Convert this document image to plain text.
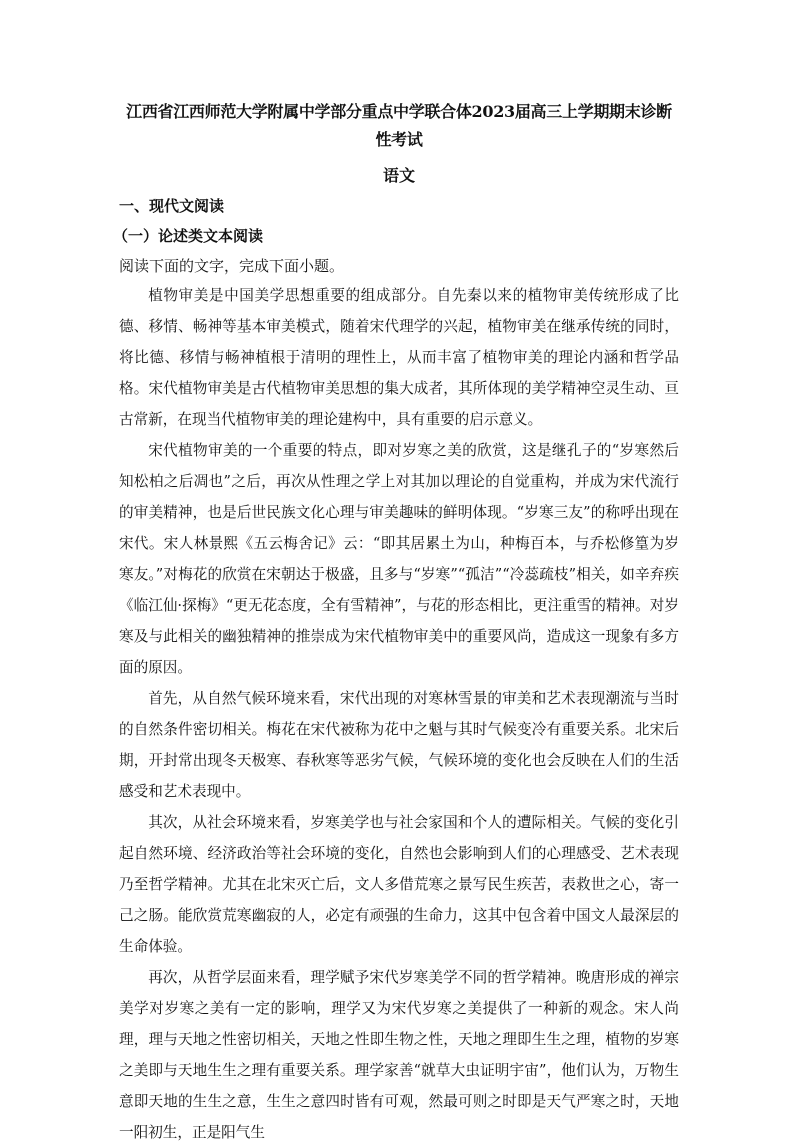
江西省江西师范大学附属中学部分重点中学联合体2023届高三上学期期末诊断性考试

语文

一、现代文阅读

（一）论述类文本阅读

阅读下面的文字，完成下面小题。

植物审美是中国美学思想重要的组成部分。自先秦以来的植物审美传统形成了比德、移情、畅神等基本审美模式，随着宋代理学的兴起，植物审美在继承传统的同时，将比德、移情与畅神植根于清明的理性上，从而丰富了植物审美的理论内涵和哲学品格。宋代植物审美是古代植物审美思想的集大成者，其所体现的美学精神空灵生动、亘古常新，在现当代植物审美的理论建构中，具有重要的启示意义。

宋代植物审美的一个重要的特点，即对岁寒之美的欣赏，这是继孔子的“岁寒然后知松柏之后凋也”之后，再次从性理之学上对其加以理论的自觉重构，并成为宋代流行的审美精神，也是后世民族文化心理与审美趣味的鲜明体现。“岁寒三友”的称呼出现在宋代。宋人林景熙《五云梅舍记》云：“即其居累土为山，种梅百本，与乔松修篁为岁寒友。”对梅花的欣赏在宋朝达于极盛，且多与“岁寒”“孤洁”“冷蕊疏枝”相关，如辛弃疾《临江仙·探梅》“更无花态度，全有雪精神”，与花的形态相比，更注重雪的精神。对岁寒及与此相关的幽独精神的推崇成为宋代植物审美中的重要风尚，造成这一现象有多方面的原因。

首先，从自然气候环境来看，宋代出现的对寒林雪景的审美和艺术表现潮流与当时的自然条件密切相关。梅花在宋代被称为花中之魁与其时气候变冷有重要关系。北宋后期，开封常出现冬天极寒、春秋寒等恶劣气候，气候环境的变化也会反映在人们的生活感受和艺术表现中。

其次，从社会环境来看，岁寒美学也与社会家国和个人的遭际相关。气候的变化引起自然环境、经济政治等社会环境的变化，自然也会影响到人们的心理感受、艺术表现乃至哲学精神。尤其在北宋灭亡后，文人多借荒寒之景写民生疾苦，表救世之心，寄一己之肠。能欣赏荒寒幽寂的人，必定有顽强的生命力，这其中包含着中国文人最深层的生命体验。

再次，从哲学层面来看，理学赋予宋代岁寒美学不同的哲学精神。晚唐形成的禅宗美学对岁寒之美有一定的影响，理学又为宋代岁寒之美提供了一种新的观念。宋人尚理，理与天地之性密切相关，天地之性即生物之性，天地之理即生生之理，植物的岁寒之美即与天地生生之理有重要关系。理学家善“就草大虫证明宇宙”，他们认为，万物生意即天地的生生之意，生生之意四时皆有可观，然最可则之时即是天气严寒之时，天地一阳初生，正是阳气生
